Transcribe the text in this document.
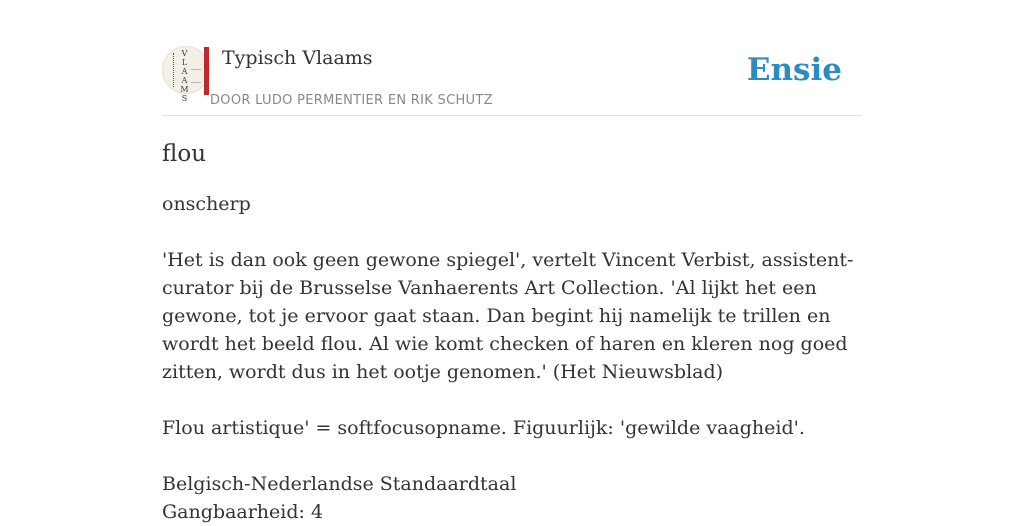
V
L
A
A
M
S
Typisch Vlaams
DOOR LUDO PERMENTIER EN RIK SCHUTZ
Ensie
flou

onscherp

'Het is dan ook geen gewone spiegel', vertelt Vincent Verbist, assistent-curator bij de Brusselse Vanhaerents Art Collection. 'Al lijkt het een gewone, tot je ervoor gaat staan. Dan begint hij namelijk te trillen en wordt het beeld flou. Al wie komt checken of haren en kleren nog goed zitten, wordt dus in het ootje genomen.' (Het Nieuwsblad)

Flou artistique' = softfocusopname. Figuurlijk: 'gewilde vaagheid'.

Belgisch-Nederlandse Standaardtaal
Gangbaarheid: 4
